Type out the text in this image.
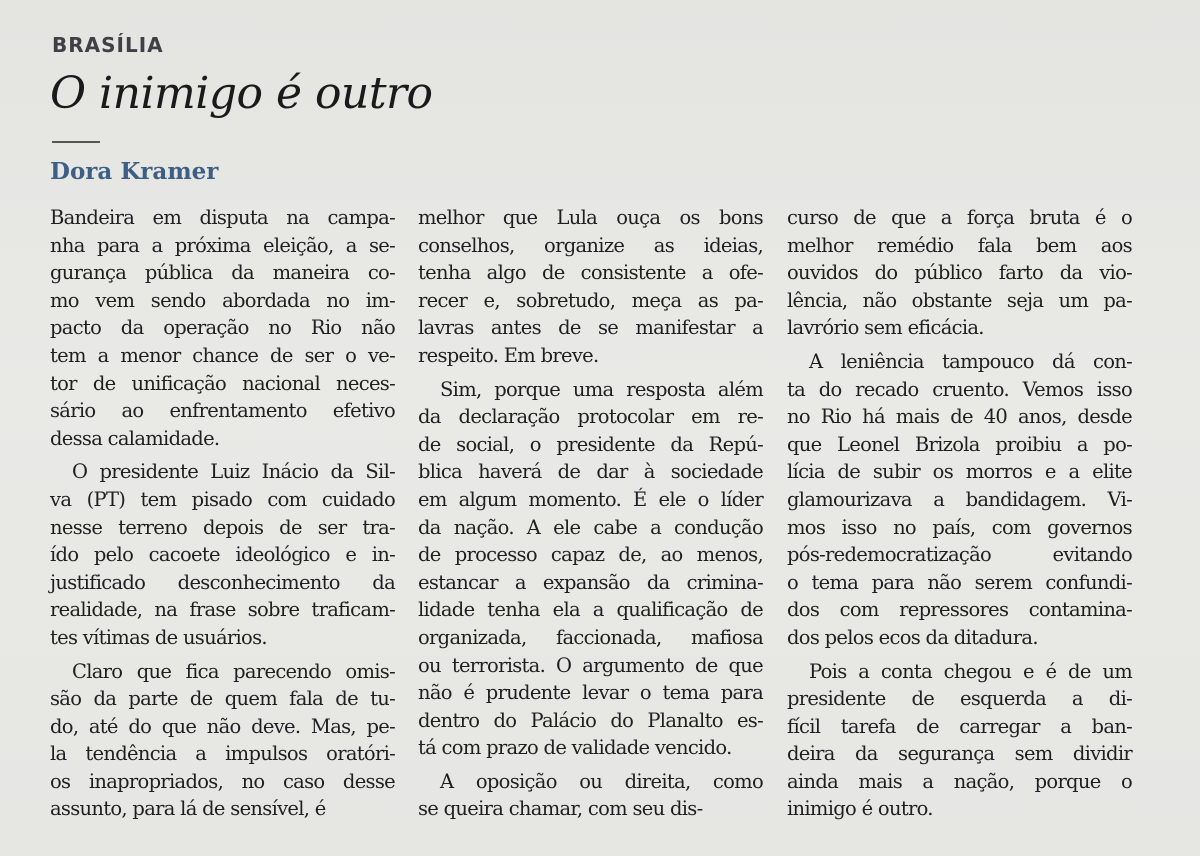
BRASÍLIA
O inimigo é outro
Dora Kramer

Bandeira em disputa na campa-
nha para a próxima eleição, a se-
gurança pública da maneira co-
mo vem sendo abordada no im-
pacto da operação no Rio não
tem a menor chance de ser o ve-
tor de unificação nacional neces-
sário ao enfrentamento efetivo
dessa calamidade.

O presidente Luiz Inácio da Sil-
va (PT) tem pisado com cuidado
nesse terreno depois de ser tra-
ído pelo cacoete ideológico e in-
justificado desconhecimento da
realidade, na frase sobre traficam-
tes vítimas de usuários.

Claro que fica parecendo omis-
são da parte de quem fala de tu-
do, até do que não deve. Mas, pe-
la tendência a impulsos oratóri-
os inapropriados, no caso desse
assunto, para lá de sensível, é

melhor que Lula ouça os bons
conselhos, organize as ideias,
tenha algo de consistente a ofe-
recer e, sobretudo, meça as pa-
lavras antes de se manifestar a
respeito. Em breve.

Sim, porque uma resposta além
da declaração protocolar em re-
de social, o presidente da Repú-
blica haverá de dar à sociedade
em algum momento. É ele o líder
da nação. A ele cabe a condução
de processo capaz de, ao menos,
estancar a expansão da crimina-
lidade tenha ela a qualificação de
organizada, faccionada, mafiosa
ou terrorista. O argumento de que
não é prudente levar o tema para
dentro do Palácio do Planalto es-
tá com prazo de validade vencido.

A oposição ou direita, como
se queira chamar, com seu dis-

curso de que a força bruta é o
melhor remédio fala bem aos
ouvidos do público farto da vio-
lência, não obstante seja um pa-
lavrório sem eficácia.

A leniência tampouco dá con-
ta do recado cruento. Vemos isso
no Rio há mais de 40 anos, desde
que Leonel Brizola proibiu a po-
lícia de subir os morros e a elite
glamourizava a bandidagem. Vi-
mos isso no país, com governos
pós-redemocratização evitando
o tema para não serem confundi-
dos com repressores contamina-
dos pelos ecos da ditadura.

Pois a conta chegou e é de um
presidente de esquerda a di-
fícil tarefa de carregar a ban-
deira da segurança sem dividir
ainda mais a nação, porque o
inimigo é outro.
